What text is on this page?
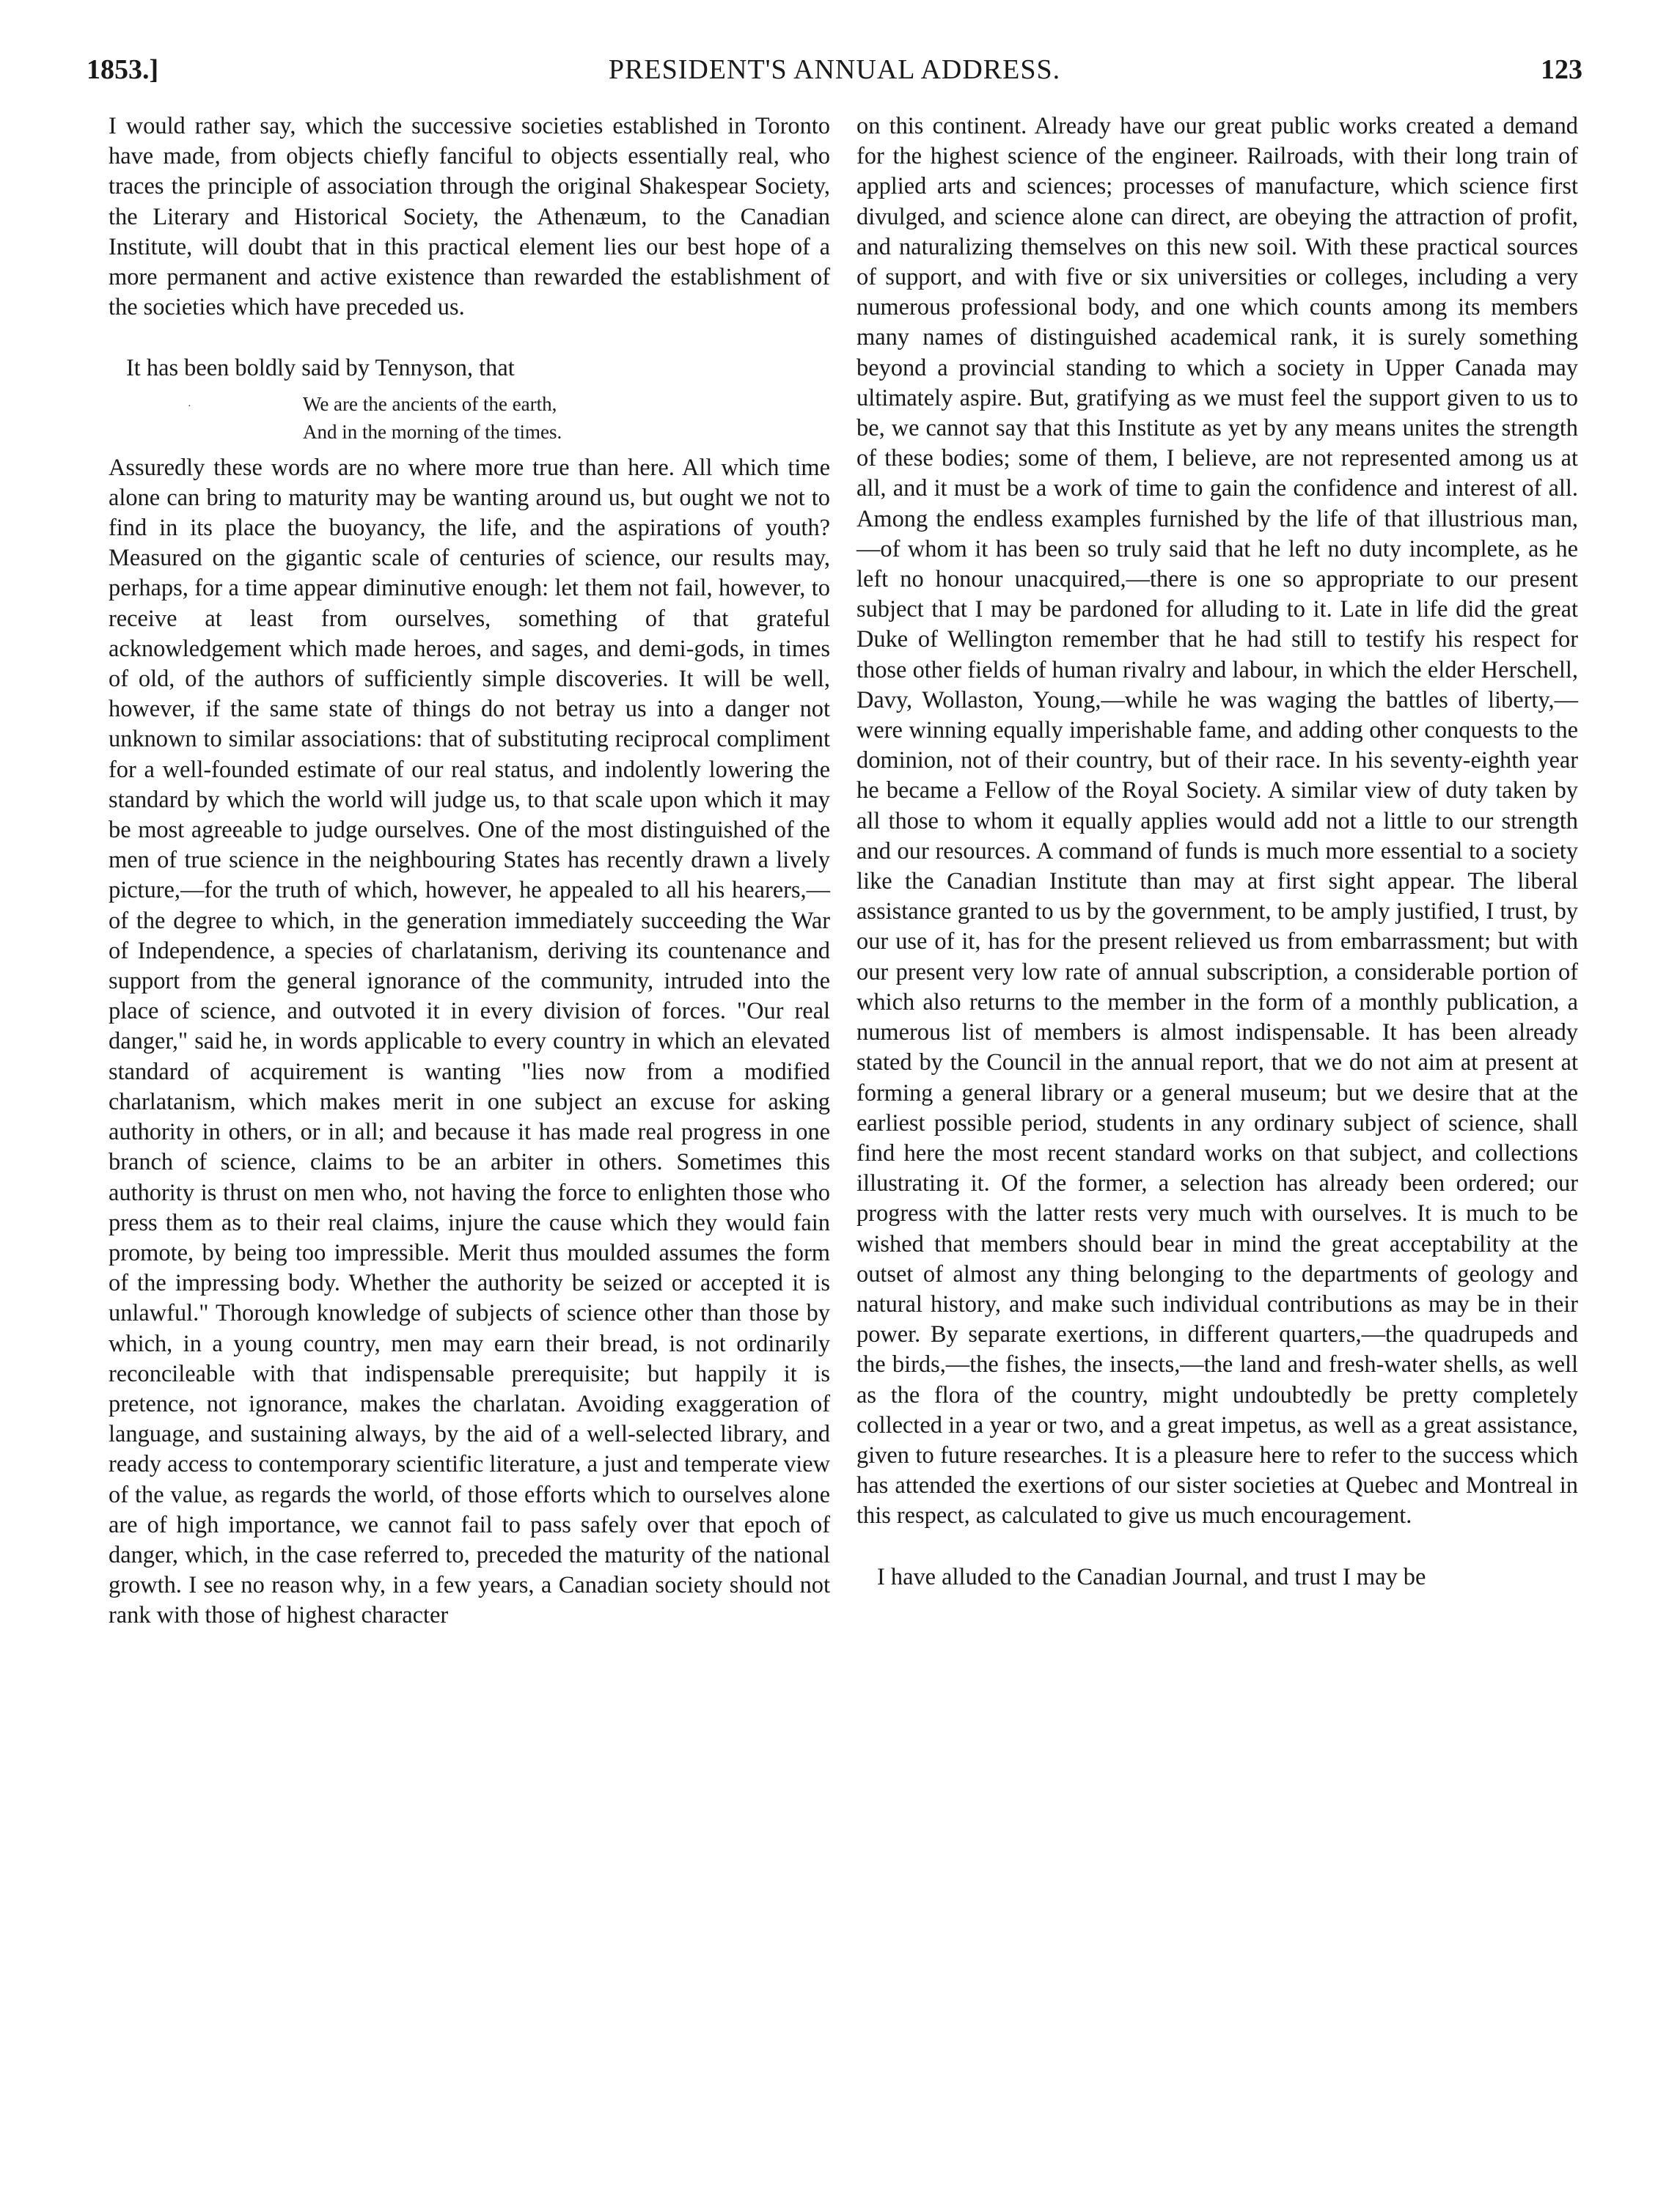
1853.]	PRESIDENT'S ANNUAL ADDRESS.	123

I would rather say, which the successive societies established in Toronto have made, from objects chiefly fanciful to objects essentially real, who traces the principle of association through the original Shakespear Society, the Literary and Historical Society, the Athenæum, to the Canadian Institute, will doubt that in this practical element lies our best hope of a more permanent and active existence than rewarded the establishment of the societies which have preceded us.

It has been boldly said by Tennyson, that

·	We are the ancients of the earth,

And in the morning of the times.

Assuredly these words are no where more true than here. All which time alone can bring to maturity may be wanting around us, but ought we not to find in its place the buoyancy, the life, and the aspirations of youth? Measured on the gigantic scale of centuries of science, our results may, perhaps, for a time appear diminutive enough: let them not fail, however, to receive at least from ourselves, something of that grateful acknowledgement which made heroes, and sages, and demi-gods, in times of old, of the authors of sufficiently simple discoveries. It will be well, however, if the same state of things do not betray us into a danger not unknown to similar associations: that of substituting reciprocal compliment for a well-founded estimate of our real status, and indolently lowering the standard by which the world will judge us, to that scale upon which it may be most agreeable to judge ourselves. One of the most distinguished of the men of true science in the neighbouring States has recently drawn a lively picture,—for the truth of which, however, he appealed to all his hearers,—of the degree to which, in the generation immediately succeeding the War of Independence, a species of charlatanism, deriving its countenance and support from the general ignorance of the community, intruded into the place of science, and outvoted it in every division of forces. "Our real danger," said he, in words applicable to every country in which an elevated standard of acquirement is wanting "lies now from a modified charlatanism, which makes merit in one subject an excuse for asking authority in others, or in all; and because it has made real progress in one branch of science, claims to be an arbiter in others. Sometimes this authority is thrust on men who, not having the force to enlighten those who press them as to their real claims, injure the cause which they would fain promote, by being too impressible. Merit thus moulded assumes the form of the impressing body. Whether the authority be seized or accepted it is unlawful." Thorough knowledge of subjects of science other than those by which, in a young country, men may earn their bread, is not ordinarily reconcileable with that indispensable prerequisite; but happily it is pretence, not ignorance, makes the charlatan. Avoiding exaggeration of language, and sustaining always, by the aid of a well-selected library, and ready access to contemporary scientific literature, a just and temperate view of the value, as regards the world, of those efforts which to ourselves alone are of high importance, we cannot fail to pass safely over that epoch of danger, which, in the case referred to, preceded the maturity of the national growth. I see no reason why, in a few years, a Canadian society should not rank with those of highest character

on this continent. Already have our great public works created a demand for the highest science of the engineer. Railroads, with their long train of applied arts and sciences; processes of manufacture, which science first divulged, and science alone can direct, are obeying the attraction of profit, and naturalizing themselves on this new soil. With these practical sources of support, and with five or six universities or colleges, including a very numerous professional body, and one which counts among its members many names of distinguished academical rank, it is surely something beyond a provincial standing to which a society in Upper Canada may ultimately aspire. But, gratifying as we must feel the support given to us to be, we cannot say that this Institute as yet by any means unites the strength of these bodies; some of them, I believe, are not represented among us at all, and it must be a work of time to gain the confidence and interest of all. Among the endless examples furnished by the life of that illustrious man, —of whom it has been so truly said that he left no duty incomplete, as he left no honour unacquired,—there is one so appropriate to our present subject that I may be pardoned for alluding to it. Late in life did the great Duke of Wellington remember that he had still to testify his respect for those other fields of human rivalry and labour, in which the elder Herschell, Davy, Wollaston, Young,—while he was waging the battles of liberty,—were winning equally imperishable fame, and adding other conquests to the dominion, not of their country, but of their race. In his seventy-eighth year he became a Fellow of the Royal Society. A similar view of duty taken by all those to whom it equally applies would add not a little to our strength and our resources. A command of funds is much more essential to a society like the Canadian Institute than may at first sight appear. The liberal assistance granted to us by the government, to be amply justified, I trust, by our use of it, has for the present relieved us from embarrassment; but with our present very low rate of annual subscription, a considerable portion of which also returns to the member in the form of a monthly publication, a numerous list of members is almost indispensable. It has been already stated by the Council in the annual report, that we do not aim at present at forming a general library or a general museum; but we desire that at the earliest possible period, students in any ordinary subject of science, shall find here the most recent standard works on that subject, and collections illustrating it. Of the former, a selection has already been ordered; our progress with the latter rests very much with ourselves. It is much to be wished that members should bear in mind the great acceptability at the outset of almost any thing belonging to the departments of geology and natural history, and make such individual contributions as may be in their power. By separate exertions, in different quarters,—the quadrupeds and the birds,—the fishes, the insects,—the land and fresh-water shells, as well as the flora of the country, might undoubtedly be pretty completely collected in a year or two, and a great impetus, as well as a great assistance, given to future researches. It is a pleasure here to refer to the success which has attended the exertions of our sister societies at Quebec and Montreal in this respect, as calculated to give us much encouragement.

I have alluded to the Canadian Journal, and trust I may be
